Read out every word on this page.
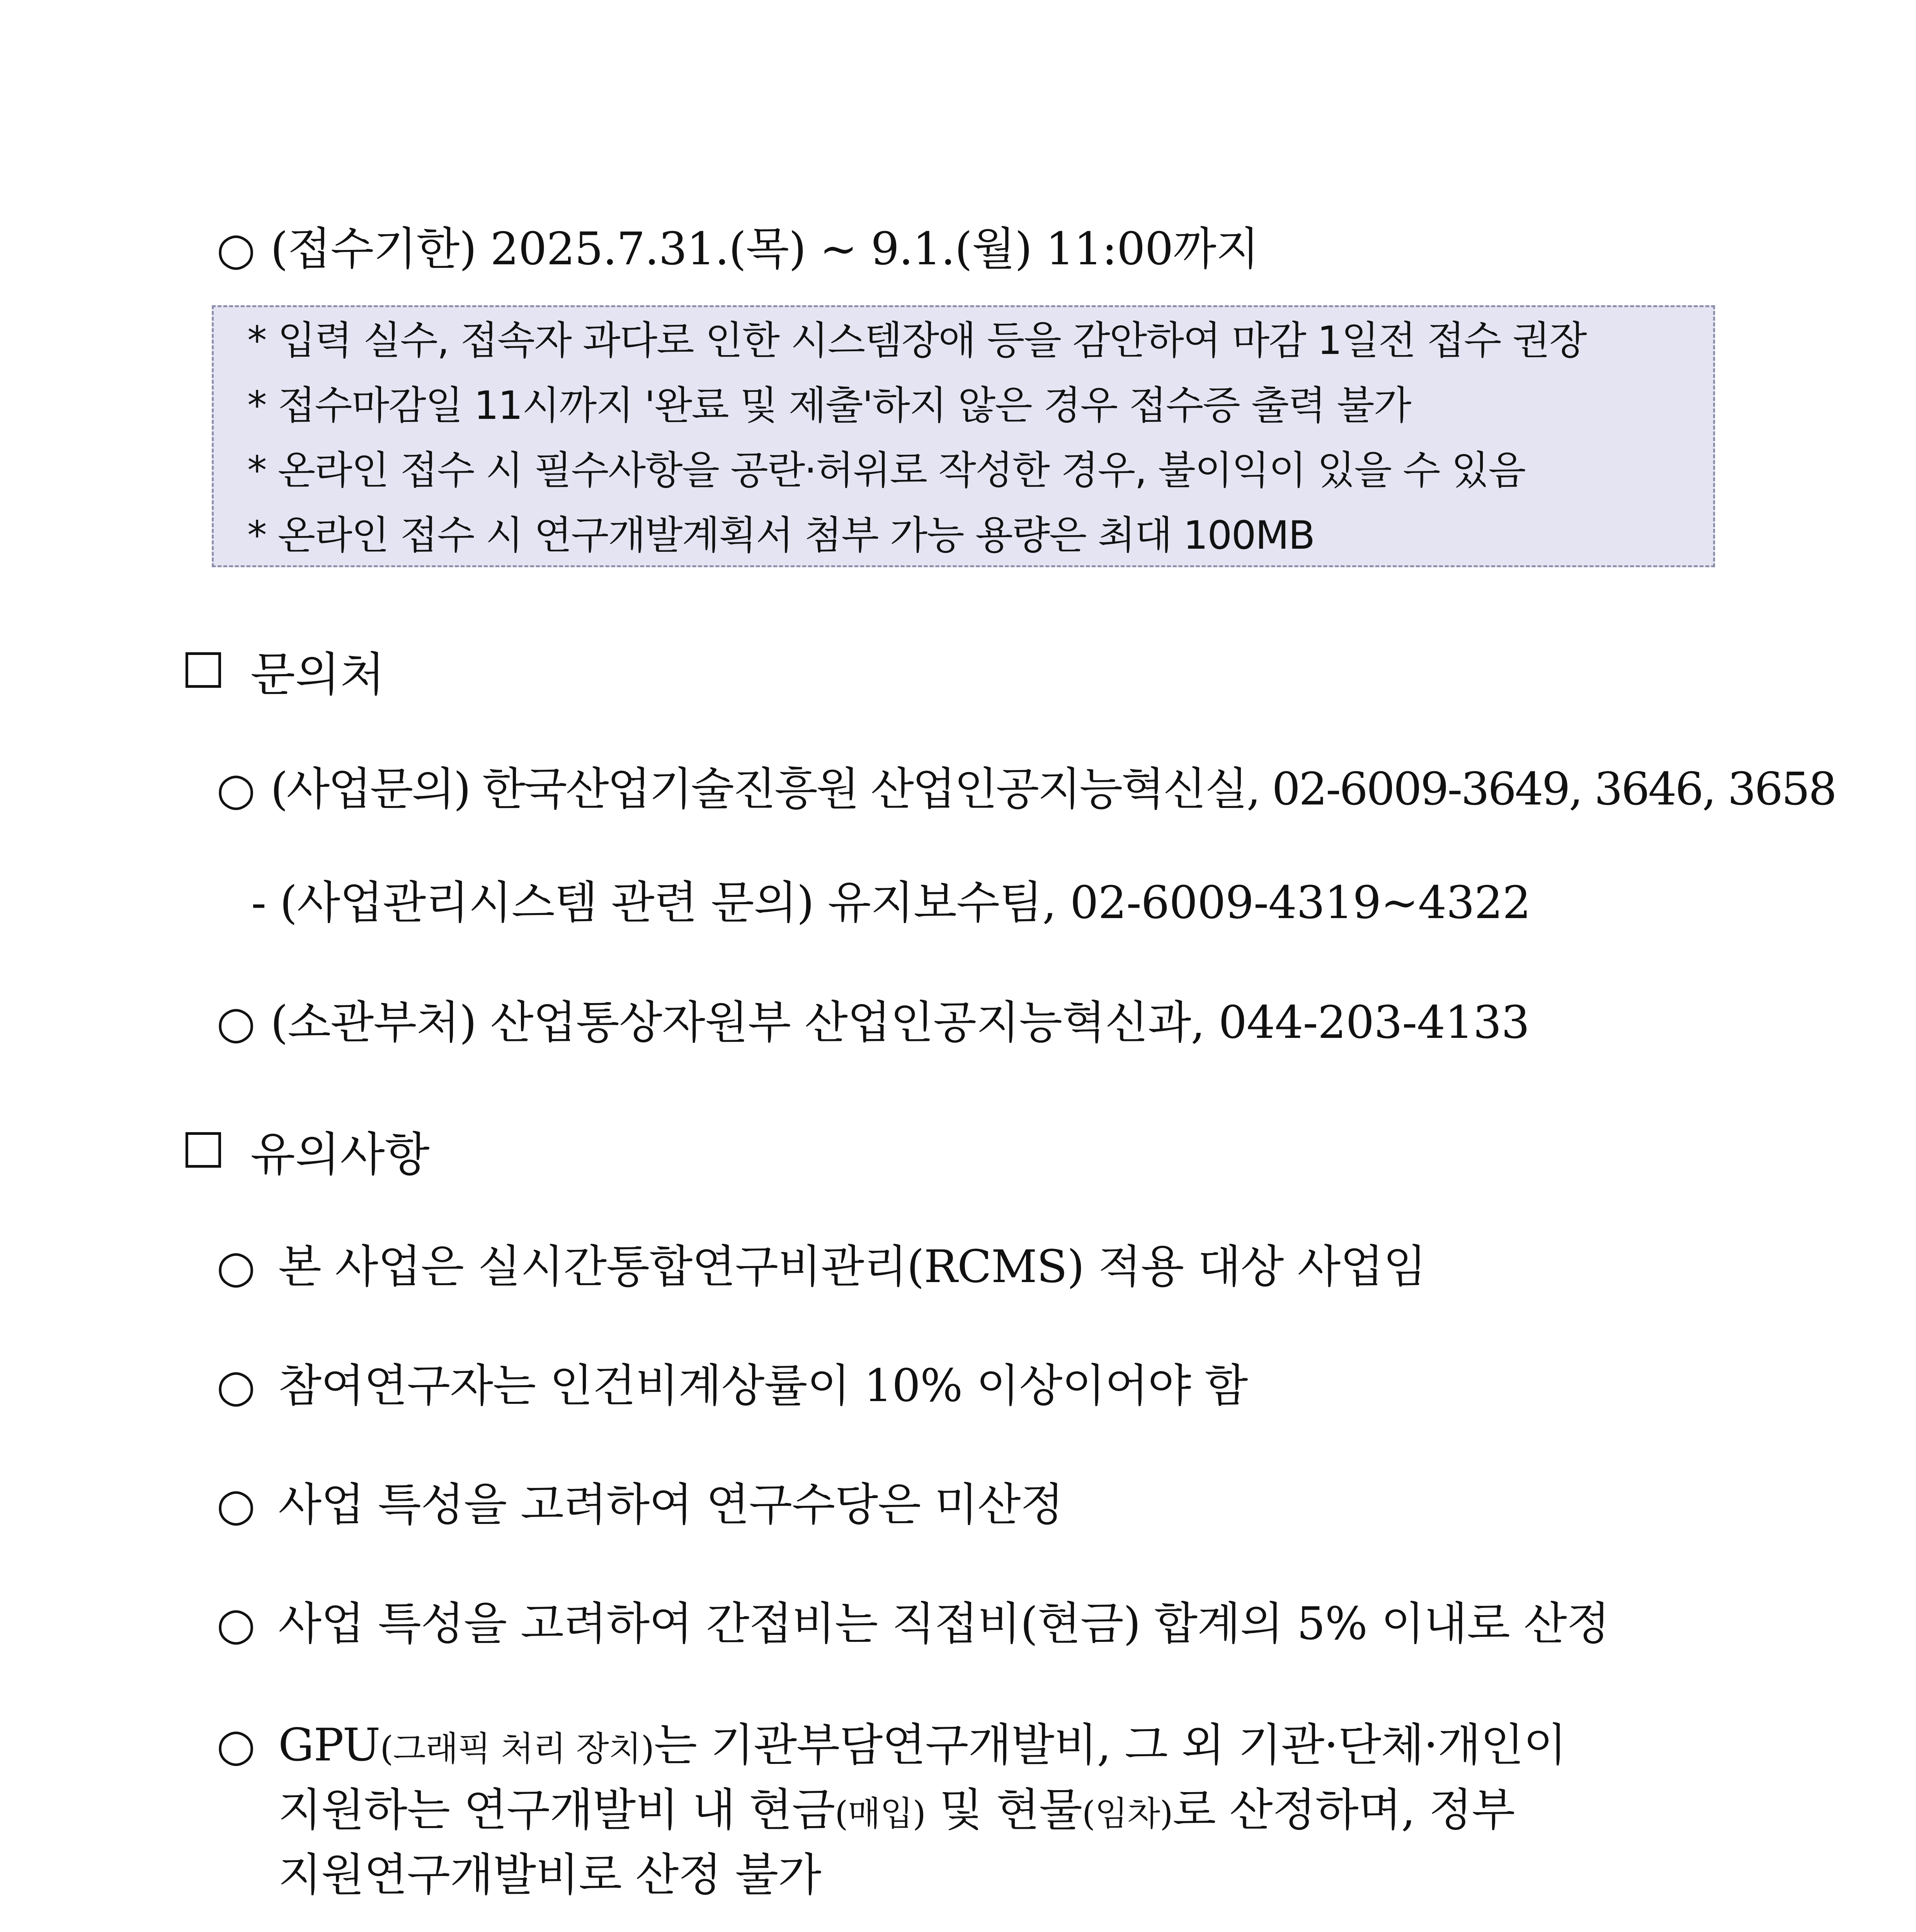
○ (접수기한) 2025.7.31.(목) ~ 9.1.(월) 11:00까지
* 입력 실수, 접속자 과다로 인한 시스템장애 등을 감안하여 마감 1일전 접수 권장
* 접수마감일 11시까지 '완료 및 제출'하지 않은 경우 접수증 출력 불가
* 온라인 접수 시 필수사항을 공란·허위로 작성한 경우, 불이익이 있을 수 있음
* 온라인 접수 시 연구개발계획서 첨부 가능 용량은 최대 100MB
문의처
○ (사업문의) 한국산업기술진흥원 산업인공지능혁신실, 02-6009-3649, 3646, 3658
- (사업관리시스템 관련 문의) 유지보수팀, 02-6009-4319~4322
○ (소관부처) 산업통상자원부 산업인공지능혁신과, 044-203-4133
유의사항
○ 본 사업은 실시간통합연구비관리(RCMS) 적용 대상 사업임
○ 참여연구자는 인건비계상률이 10% 이상이어야 함
○ 사업 특성을 고려하여 연구수당은 미산정
○ 사업 특성을 고려하여 간접비는 직접비(현금) 합계의 5% 이내로 산정
○ GPU(그래픽 처리 장치)는 기관부담연구개발비, 그 외 기관·단체·개인이
지원하는 연구개발비 내 현금(매입) 및 현물(임차)로 산정하며, 정부
지원연구개발비로 산정 불가
